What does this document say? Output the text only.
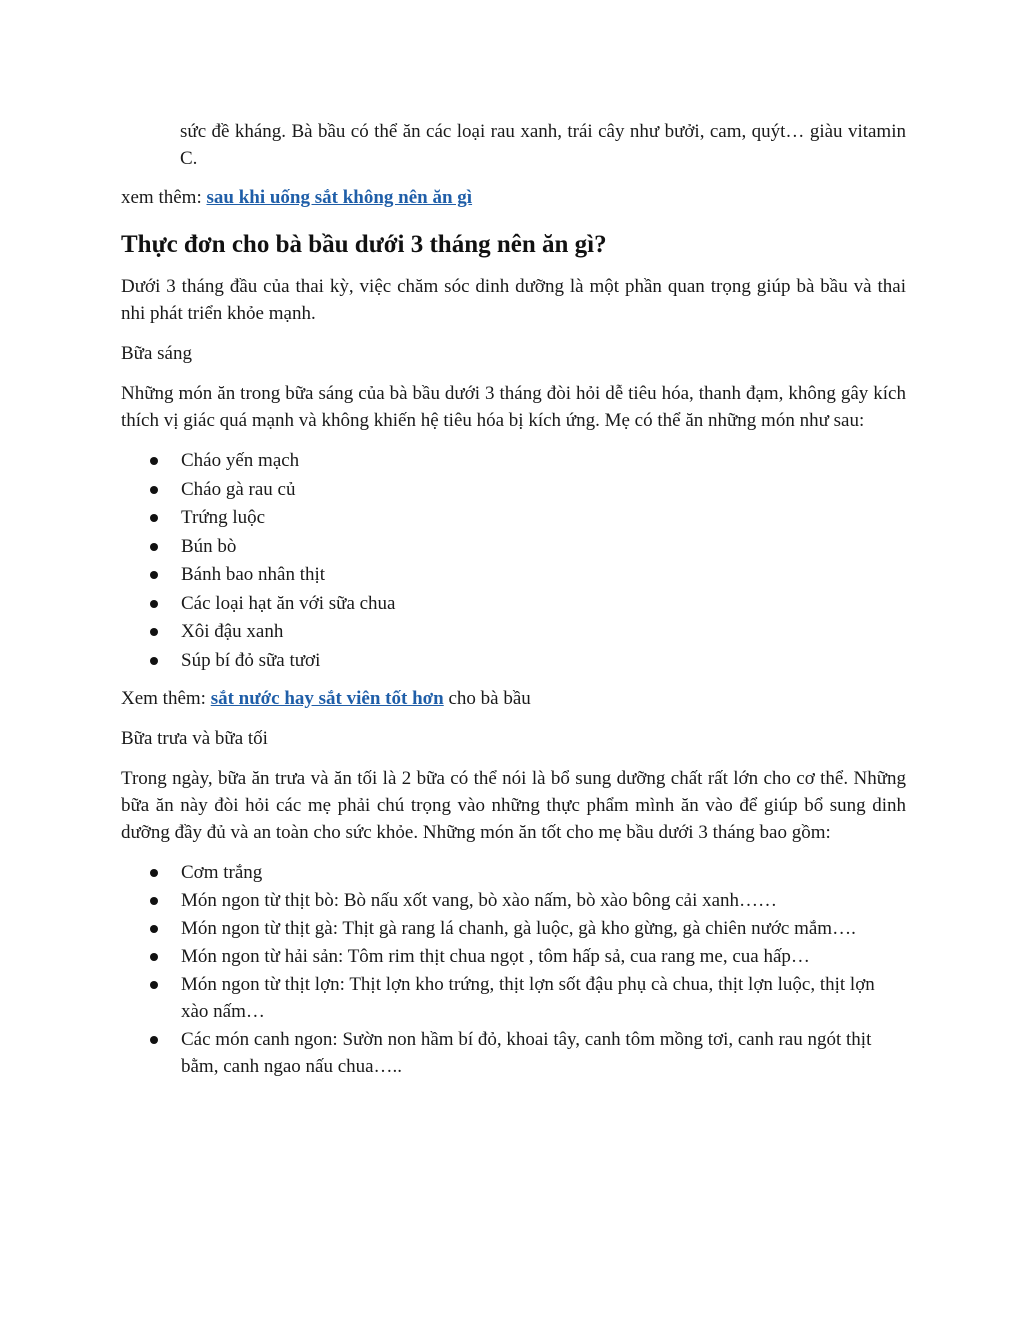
sức đề kháng. Bà bầu có thể ăn các loại rau xanh, trái cây như bưởi, cam, quýt… giàu vitamin C.

xem thêm: sau khi uống sắt không nên ăn gì

Thực đơn cho bà bầu dưới 3 tháng nên ăn gì?

Dưới 3 tháng đầu của thai kỳ, việc chăm sóc dinh dưỡng là một phần quan trọng giúp bà bầu và thai nhi phát triển khỏe mạnh.

Bữa sáng

Những món ăn trong bữa sáng của bà bầu dưới 3 tháng đòi hỏi dễ tiêu hóa, thanh đạm, không gây kích thích vị giác quá mạnh và không khiến hệ tiêu hóa bị kích ứng. Mẹ có thể ăn những món như sau:

Cháo yến mạch
Cháo gà rau củ
Trứng luộc
Bún bò
Bánh bao nhân thịt
Các loại hạt ăn với sữa chua
Xôi đậu xanh
Súp bí đỏ sữa tươi

Xem thêm: sắt nước hay sắt viên tốt hơn cho bà bầu

Bữa trưa và bữa tối

Trong ngày, bữa ăn trưa và ăn tối là 2 bữa có thể nói là bổ sung dưỡng chất rất lớn cho cơ thể. Những bữa ăn này đòi hỏi các mẹ phải chú trọng vào những thực phẩm mình ăn vào để giúp bổ sung dinh dưỡng đầy đủ và an toàn cho sức khỏe. Những món ăn tốt cho mẹ bầu dưới 3 tháng bao gồm:

Cơm trắng
Món ngon từ thịt bò: Bò nấu xốt vang, bò xào nấm, bò xào bông cải xanh……
Món ngon từ thịt gà: Thịt gà rang lá chanh, gà luộc, gà kho gừng, gà chiên nước mắm….
Món ngon từ hải sản: Tôm rim thịt chua ngọt , tôm hấp sả, cua rang me, cua hấp…
Món ngon từ thịt lợn: Thịt lợn kho trứng, thịt lợn sốt đậu phụ cà chua, thịt lợn luộc, thịt lợn xào nấm…
Các món canh ngon: Sườn non hầm bí đỏ, khoai tây, canh tôm mồng tơi, canh rau ngót thịt bằm, canh ngao nấu chua…..
